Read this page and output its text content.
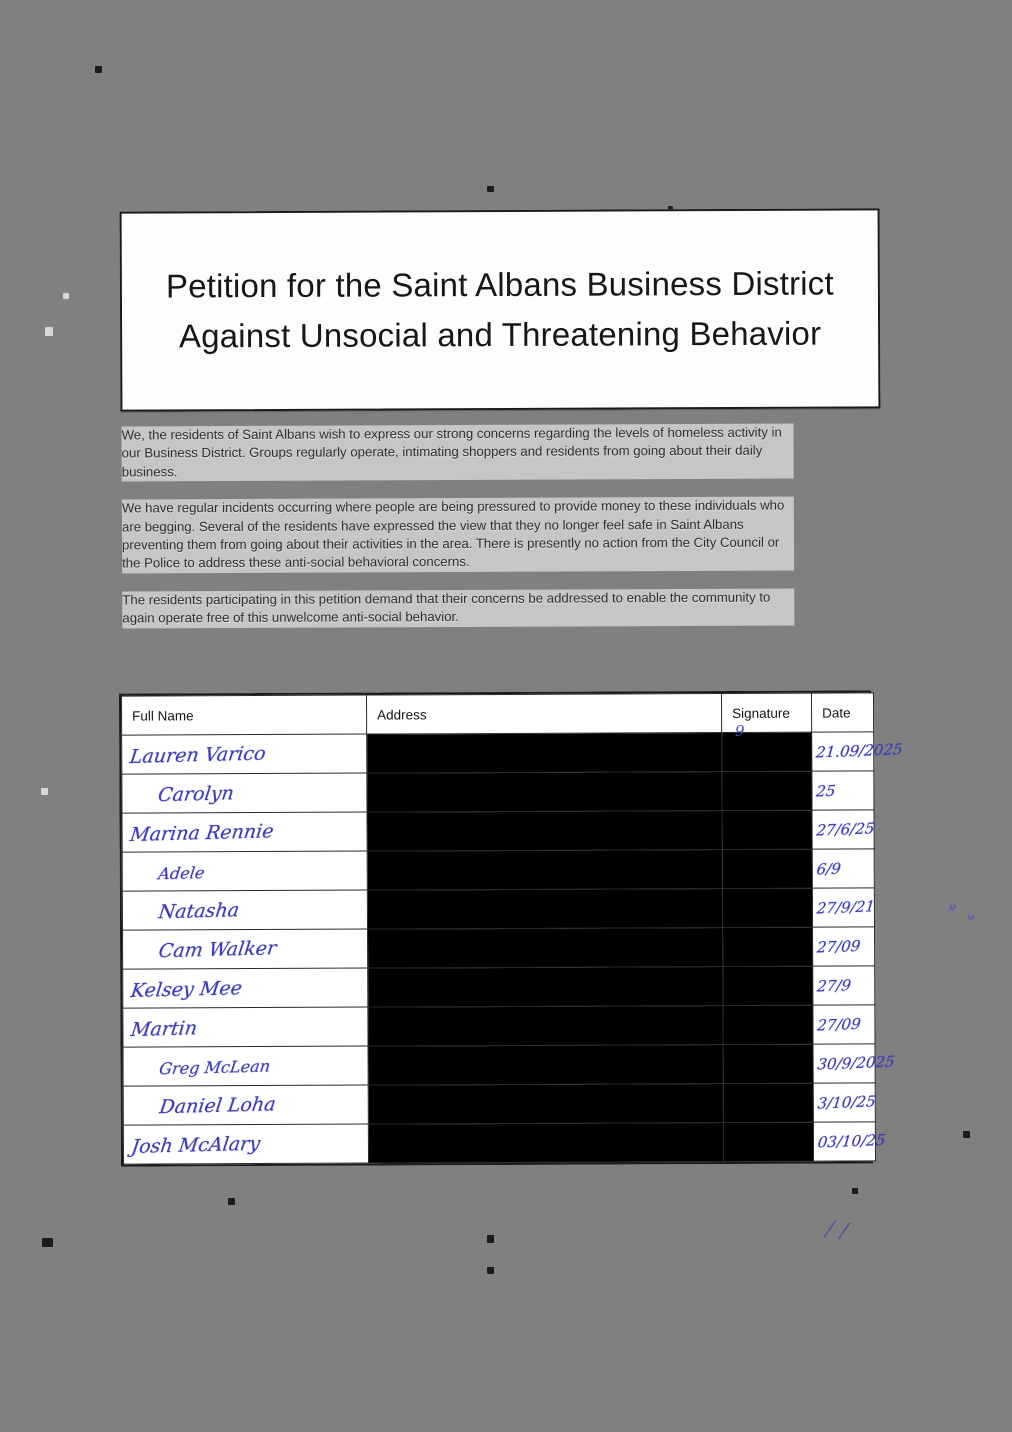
Petition for the Saint Albans Business District Against Unsocial and Threatening Behavior

We, the residents of Saint Albans wish to express our strong concerns regarding the levels of homeless activity in our Business District. Groups regularly operate, intimating shoppers and residents from going about their daily business.

We have regular incidents occurring where people are being pressured to provide money to these individuals who are begging. Several of the residents have expressed the view that they no longer feel safe in Saint Albans preventing them from going about their activities in the area. There is presently no action from the City Council or the Police to address these anti-social behavioral concerns.

The residents participating in this petition demand that their concerns be addressed to enable the community to again operate free of this unwelcome anti-social behavior.

Full Name	Address	Signature	Date

Lauren Varico			21.09/2025

Carolyn			25

Marina Rennie			27/6/25

Adele			6/9

Natasha			27/9/21

Cam Walker			27/09

Kelsey Mee			27/9

Martin			27/09

Greg McLean			30/9/2025

Daniel Loha			3/10/25

Josh McAlary			03/10/25
9
»
»
/ /
